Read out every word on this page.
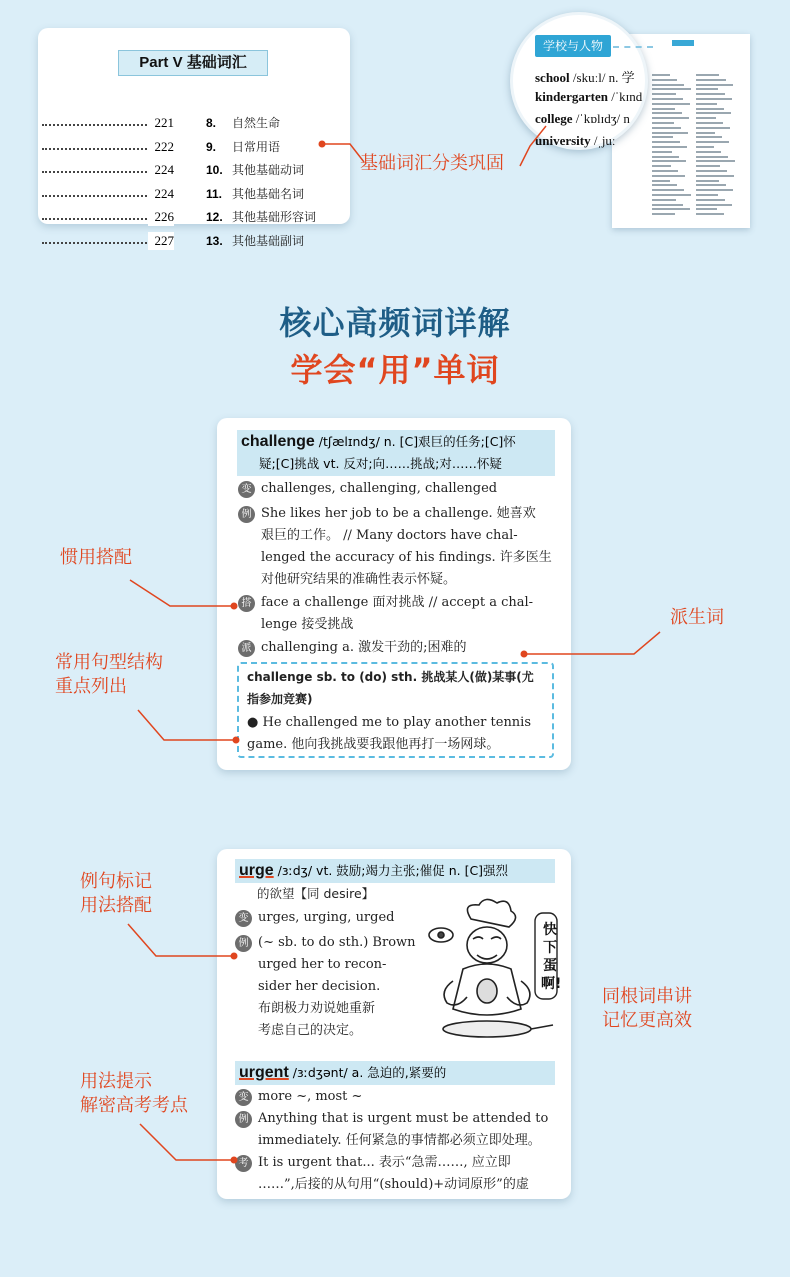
Part V 基础词汇
221	8. 自然生命
222	9. 日常用语
224	10. 其他基础动词
224	11. 其他基础名词
226	12. 其他基础形容词
227	13. 其他基础副词
学校与人物
school /skuːl/ n. 学
kindergarten /ˈkɪnd
college /ˈkɒlɪdʒ/ n
university /ˌjuː
基础词汇分类巩固
核心高频词详解
学会“用”单词
challenge /tʃælɪndʒ/ n. [C]艰巨的任务;[C]怀
疑;[C]挑战 vt. 反对;向……挑战;对……怀疑
变 challenges, challenging, challenged
例 She likes her job to be a challenge. 她喜欢
艰巨的工作。 // Many doctors have chal-
lenged the accuracy of his findings. 许多医生
对他研究结果的准确性表示怀疑。
搭 face a challenge 面对挑战 // accept a chal-
lenge 接受挑战
派 challenging a. 激发干劲的;困难的
challenge sb. to (do) sth. 挑战某人(做)某事(尤
指参加竞赛)
● He challenged me to play another tennis
game. 他向我挑战要我跟他再打一场网球。
惯用搭配
派生词
常用句型结构
重点列出
urge /ɜːdʒ/ vt. 鼓励;竭力主张;催促 n. [C]强烈
的欲望【同 desire】
变 urges, urging, urged
例 (~ sb. to do sth.) Brown
urged her to recon-
sider her decision.
布朗极力劝说她重新
考虑自己的决定。
快下蛋啊!
urgent /ɜːdʒənt/ a. 急迫的,紧要的
变 more ~, most ~
例 Anything that is urgent must be attended to
immediately. 任何紧急的事情都必须立即处理。
考 It is urgent that... 表示“急需……, 应立即
……”,后接的从句用“(should)+动词原形”的虚
例句标记
用法搭配
同根词串讲
记忆更高效
用法提示
解密高考考点
